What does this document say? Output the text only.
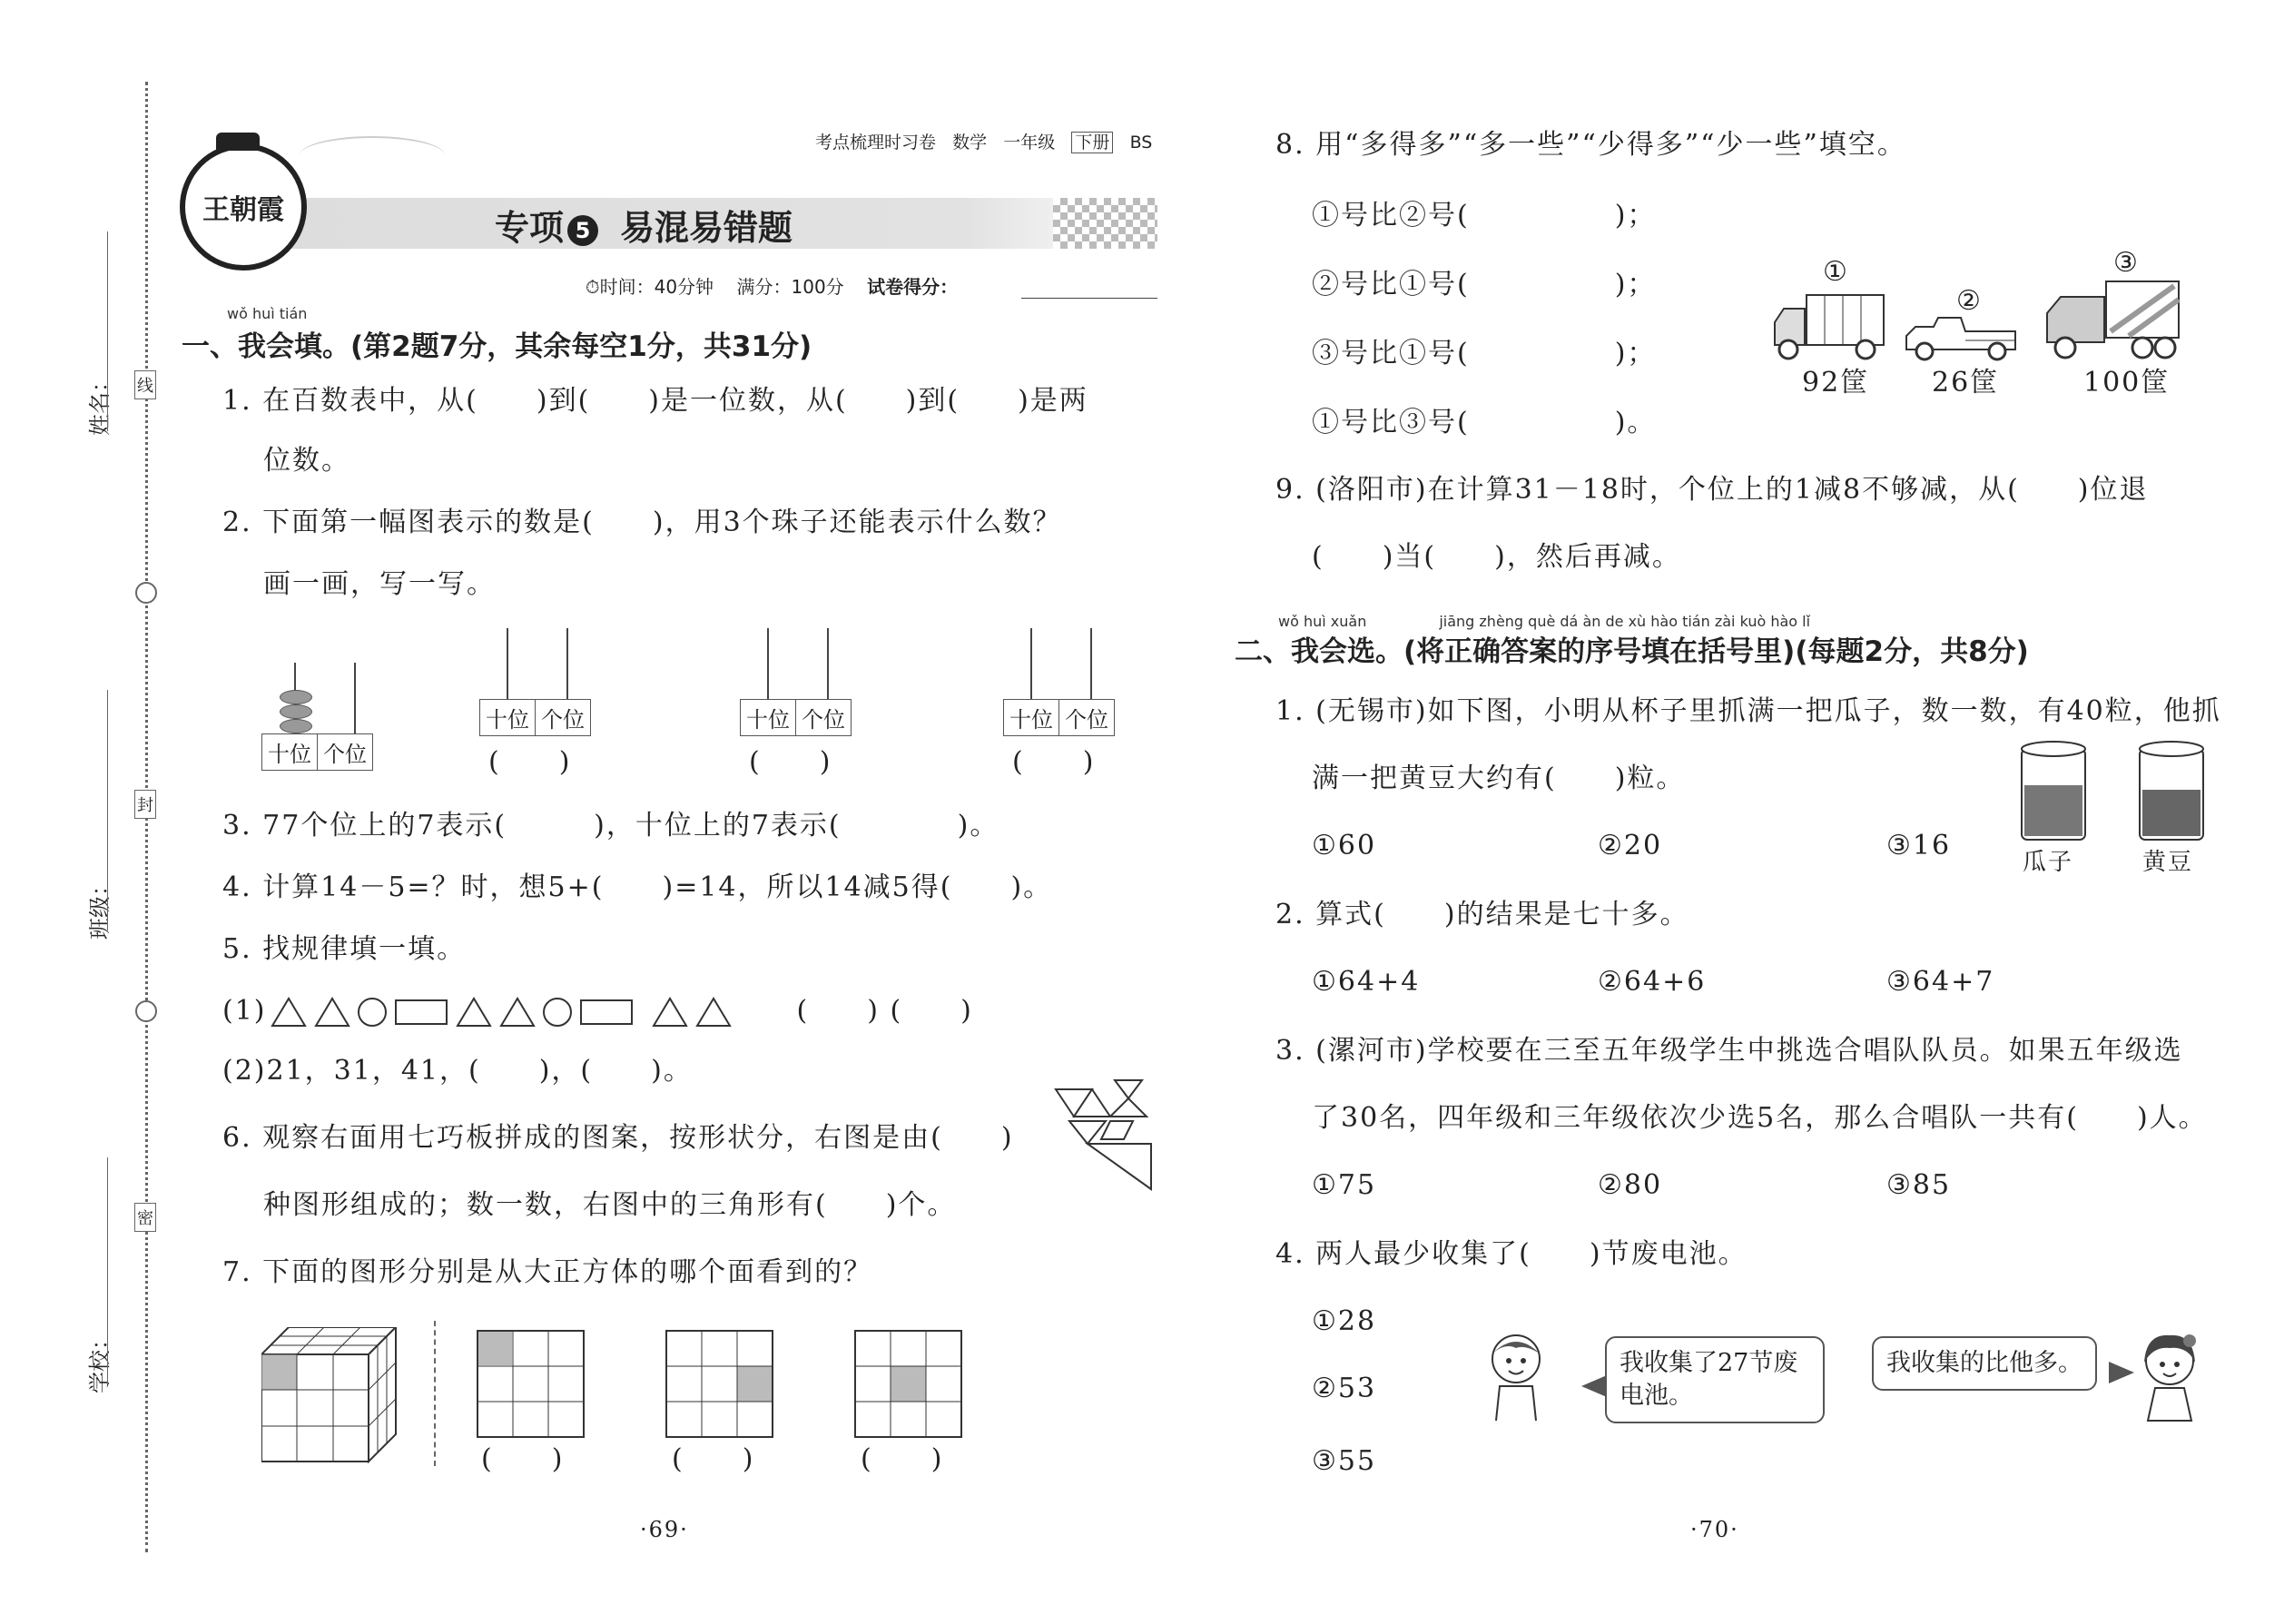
姓名：
班级：
学校：
线
封
密
王朝霞
考点梳理时习卷 数学 一年级 下册 BS
专项 5 易混易错题
⏱时间：40分钟 满分：100分 试卷得分：
wǒ huì tián
一、我会填。(第2题7分，其余每空1分，共31分)
1. 在百数表中，从(　　)到(　　)是一位数，从(　　)到(　　)是两
位数。
2. 下面第一幅图表示的数是(　　)，用3个珠子还能表示什么数？
画一画，写一写。
十位 个位
十位 个位
(　　)
十位 个位
(　　)
十位 个位
(　　)
3. 77个位上的7表示(　　　)，十位上的7表示(　　　　)。
4. 计算14－5=？时，想5+(　　)=14，所以14减5得(　　)。
5. 找规律填一填。
(1)	(　　) (　　)
(2)21，31，41，(　　)，(　　)。
6. 观察右面用七巧板拼成的图案，按形状分，右图是由(　　)
种图形组成的；数一数，右图中的三角形有(　　)个。
7. 下面的图形分别是从大正方体的哪个面看到的？
(　　)	(　　)	(　　)
·69·
8. 用“多得多”“多一些”“少得多”“少一些”填空。
①号比②号(　　　　　)；
②号比①号(　　　　　)；
③号比①号(　　　　　)；
①号比③号(　　　　　)。
①
92筐
②
26筐
③
100筐
9. (洛阳市)在计算31－18时，个位上的1减8不够减，从(　　)位退
(　　)当(　　)，然后再减。
wǒ huì xuǎn　　　　　jiāng zhèng què dá àn de xù hào tián zài kuò hào lǐ
二、我会选。(将正确答案的序号填在括号里)(每题2分，共8分)
1. (无锡市)如下图，小明从杯子里抓满一把瓜子，数一数，有40粒，他抓
满一把黄豆大约有(　　)粒。
①60	②20	③16
瓜子	黄豆
2. 算式(　　)的结果是七十多。
①64+4	②64+6	③64+7
3. (漯河市)学校要在三至五年级学生中挑选合唱队队员。如果五年级选
了30名，四年级和三年级依次少选5名，那么合唱队一共有(　　)人。
①75	②80	③85
4. 两人最少收集了(　　)节废电池。
①28
②53
③55
我收集了27节废电池。
我收集的比他多。
·70·
